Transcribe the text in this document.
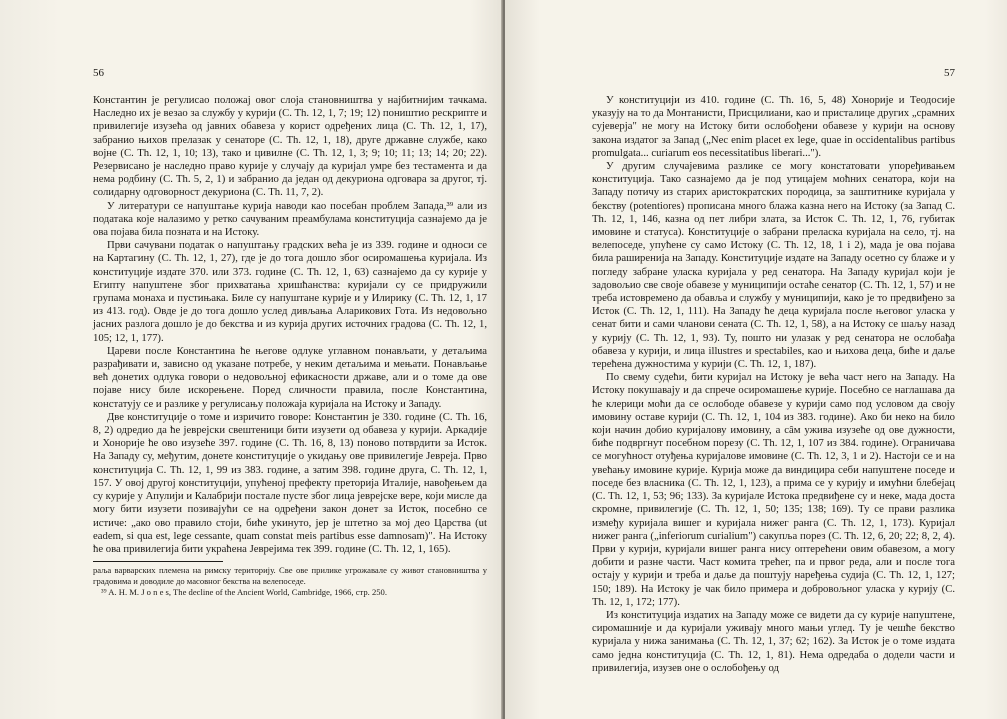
56

Константин је регулисао положај овог слоја становништва у најбитнијим тачкама. Наследно их је везао за службу у курији (C. Th. 12, 1, 7; 19; 12) поништио рескрипте и привилегије изузећа од јавних обавеза у корист одређених лица (C. Th. 12, 1, 17), забранио њихов прелазак у сенаторе (C. Th. 12, 1, 18), друге државне службе, како војне (C. Th. 12, 1, 10; 13), тако и цивилне (C. Th. 12, 1, 3; 9; 10; 11; 13; 14; 20; 22). Резервисано је наследно право курије у случају да куријал умре без тестамента и да нема родбину (C. Th. 5, 2, 1) и забранио да један од декуриона одговара за другог, тј. солидарну одговорност декуриона (C. Th. 11, 7, 2).

У литератури се напуштање курија наводи као посебан проблем Запада,³⁹ али из података које налазимо у ретко сачуваним преамбулама конституција сазнајемо да је ова појава била позната и на Истоку.

Први сачувани податак о напуштању градских већа је из 339. године и односи се на Картагину (C. Th. 12, 1, 27), где је до тога дошло због осиромашења куријала. Из конституције издате 370. или 373. године (C. Th. 12, 1, 63) сазнајемо да су курије у Египту напуштене због прихватања хришћанства: куријали су се придружили групама монаха и пустињака. Биле су напуштане курије и у Илирику (C. Th. 12, 1, 17 из 413. год). Овде је до тога дошло услед дивљања Аларикових Гота. Из недовољно јасних разлога дошло је до бекства и из курија других источних градова (C. Th. 12, 1, 105; 12, 1, 177).

Цареви после Константина ће његове одлуке углавном понављати, у детаљима разрађивати и, зависно од указане потребе, у неким детаљима и мењати. Понављање већ донетих одлука говори о недовољној ефикасности државе, али и о томе да ове појаве нису биле искорењене. Поред сличности правила, после Константина, констатују се и разлике у регулисању положаја куријала на Истоку и Западу.

Две конституције о томе и изричито говоре: Константин је 330. године (C. Th. 16, 8, 2) одредио да ће јеврејски свештеници бити изузети од обавеза у курији. Аркадије и Хонорије ће ово изузеће 397. године (C. Th. 16, 8, 13) поново потврдити за Исток. На Западу су, међутим, донете конституције о укидању ове привилегије Јевреја. Прво конституција C. Th. 12, 1, 99 из 383. године, а затим 398. године друга, C. Th. 12, 1, 157. У овој другој конституцији, упућеној префекту преторија Италије, навођењем да су курије у Апулији и Калабрији постале пусте због лица јеврејске вере, који мисле да могу бити изузети позивајући се на одређени закон донет за Исток, посебно се истиче: „ако ово правило стоји, биће укинуто, јер је штетно за мој део Царства (ut eadem, si qua est, lege cessante, quam constat meis partibus esse damnosam)". На Истоку ће ова привилегија бити украћена Јеврејима тек 399. године (C. Th. 12, 1, 165).

раља варварских племена на римску територију. Све ове прилике угрожавале су живот становништва у градовима и доводиле до масовног бекства на велепоседе.

³⁹ A. H. M. J o n e s, The decline of the Ancient World, Cambridge, 1966, стр. 250.

57

У конституцији из 410. године (C. Th. 16, 5, 48) Хонорије и Теодосије указују на то да Монтанисти, Присцилиани, као и присталице других „срамних сујеверја" не могу на Истоку бити ослобођени обавезе у курији на основу закона издатог за Запад („Nec enim placet ex lege, quae in occidentalibus partibus promulgata... curiarum eos necessitatibus liberari...").

У другим случајевима разлике се могу констатовати упоређивањем конституција. Тако сазнајемо да је под утицајем моћних сенатора, који на Западу потичу из старих аристократских породица, за заштитнике куријала у бекству (potentiores) прописана много блажа казна него на Истоку (за Запад C. Th. 12, 1, 146, казна од пет либри злата, за Исток C. Th. 12, 1, 76, губитак имовине и статуса). Конституције о забрани преласка куријала на село, тј. на велепоседе, упућене су само Истоку (C. Th. 12, 18, 1 i 2), мада је ова појава била раширенија на Западу. Конституције издате на Западу осетно су блаже и у погледу забране уласка куријала у ред сенатора. На Западу куријал који је задовољио све своје обавезе у муниципији остаће сенатор (C. Th. 12, 1, 57) и не треба истовремено да обавља и службу у муниципији, како је то предвиђено за Исток (C. Th. 12, 1, 111). На Западу ће деца куријала после његовог уласка у сенат бити и сами чланови сената (C. Th. 12, 1, 58), а на Истоку се шаљу назад у курију (C. Th. 12, 1, 93). Ту, пошто ни улазак у ред сенатора не ослобађа обавеза у курији, и лица illustres и spectabiles, као и њихова деца, биће и даље терећена дужностима у курији (C. Th. 12, 1, 187).

По свему судећи, бити куријал на Истоку је већа част него на Западу. На Истоку покушавају и да спрече осиромашење курије. Посебно се наглашава да ће клерици моћи да се ослободе обавезе у курији само под условом да своју имовину оставе курији (C. Th. 12, 1, 104 из 383. године). Ако би неко на било који начин добио куријалову имовину, а сâм уживa изузеће од ове дужности, биће подвргнут посебном порезу (C. Th. 12, 1, 107 из 384. године). Ограничава се могућност отуђења куријалове имовине (C. Th. 12, 3, 1 и 2). Настоји се и на увећању имовине курије. Курија може да виндицира себи напуштене поседе и поседе без власника (C. Th. 12, 1, 123), а прима се у курију и имућни блебејац (C. Th. 12, 1, 53; 96; 133). За куријале Истока предвиђене су и неке, мада доста скромне, привилегије (C. Th. 12, 1, 50; 135; 138; 169). Ту се прави разлика између куријала вишег и куријала нижег ранга (C. Th. 12, 1, 173). Куријал нижег ранга („inferiorum curialium") сакупља порез (C. Th. 12, 6, 20; 22; 8, 2, 4). Први у курији, куријали вишег ранга нису оптерећени овим обавезом, а могу добити и разне части. Част комита трећег, па и првог реда, али и после тога остају у курији и треба и даље да поштују наређења судија (C. Th. 12, 1, 127; 150; 189). На Истоку је чак било примера и добровољног уласка у курију (C. Th. 12, 1, 172; 177).

Из конституција издатих на Западу може се видети да су курије напуштене, сиромашније и да куријали уживају много мањи углед. Ту је чешће бекство куријала у нижа занимања (C. Th. 12, 1, 37; 62; 162). За Исток је о томе издата само једна конституција (C. Th. 12, 1, 81). Нема одредаба о додели части и привилегија, изузев оне о ослобођењу од
